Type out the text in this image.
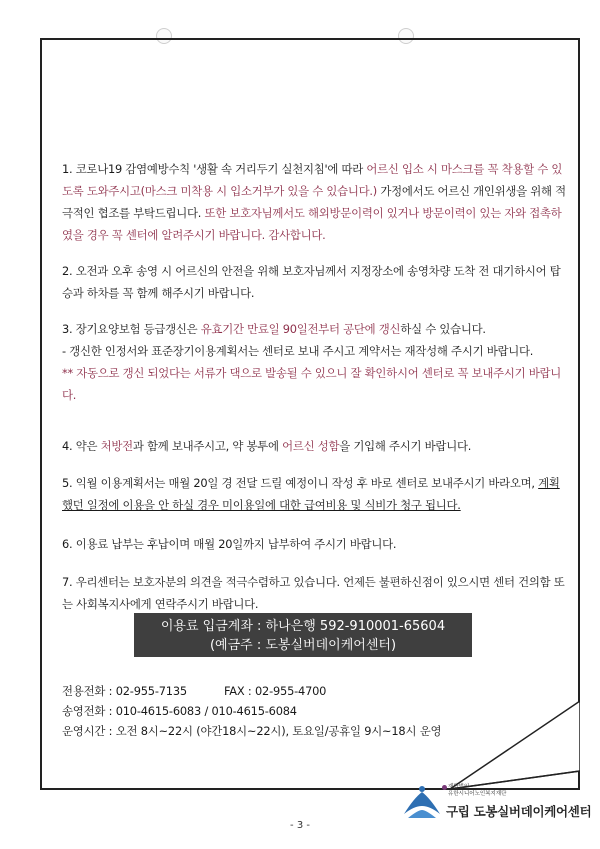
1. 코로나19 감염예방수칙 '생활 속 거리두기 실천지침'에 따라 어르신 입소 시 마스크를 꼭 착용할 수 있도록 도와주시고(마스크 미착용 시 입소거부가 있을 수 있습니다.) 가정에서도 어르신 개인위생을 위해 적극적인 협조를 부탁드립니다. 또한 보호자님께서도 해외방문이력이 있거나 방문이력이 있는 자와 접촉하였을 경우 꼭 센터에 알려주시기 바랍니다. 감사합니다.
2. 오전과 오후 송영 시 어르신의 안전을 위해 보호자님께서 지정장소에 송영차량 도착 전 대기하시어 탑승과 하차를 꼭 함께 해주시기 바랍니다.
3. 장기요양보험 등급갱신은 유효기간 만료일 90일전부터 공단에 갱신하실 수 있습니다.
- 갱신한 인정서와 표준장기이용계획서는 센터로 보내 주시고 계약서는 재작성해 주시기 바랍니다.
** 자동으로 갱신 되었다는 서류가 댁으로 발송될 수 있으니 잘 확인하시어 센터로 꼭 보내주시기 바랍니다.
4. 약은 처방전과 함께 보내주시고, 약 봉투에 어르신 성함을 기입해 주시기 바랍니다.
5. 익월 이용계획서는 매월 20일 경 전달 드릴 예정이니 작성 후 바로 센터로 보내주시기 바라오며, 계획 했던 일정에 이용을 안 하실 경우 미이용일에 대한 급여비용 및 식비가 청구 됩니다.
6. 이용료 납부는 후납이며 매월 20일까지 납부하여 주시기 바랍니다.
7. 우리센터는 보호자분의 의견을 적극수렴하고 있습니다. 언제든 불편하신점이 있으시면 센터 건의함 또는 사회복지사에게 연락주시기 바랍니다.
이용료 입금계좌 : 하나은행 592-910001-65604
(예금주 : 도봉실버데이케어센터)
전용전화 : 02-955-7135	FAX : 02-955-4700
송영전화 : 010-4615-6083 / 010-4615-6084
운영시간 : 오전 8시~22시 (야간18시~22시), 토요일/공휴일 9시~18시 운영
재단법인
유한시니어노인복지재단
구립 도봉실버데이케어센터
- 3 -
